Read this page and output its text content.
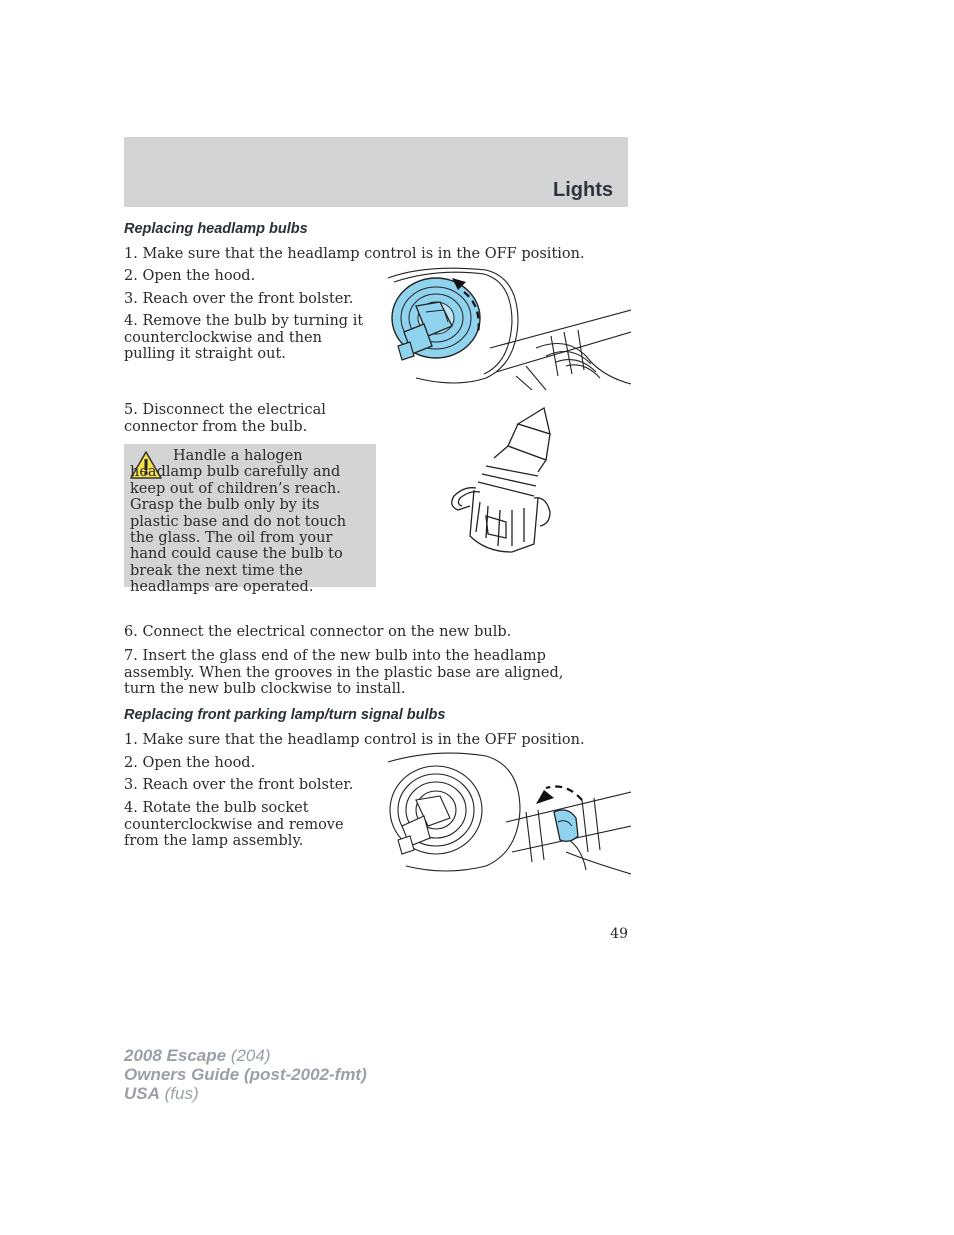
Lights
Replacing headlamp bulbs

1. Make sure that the headlamp control is in the OFF position.

2. Open the hood.

3. Reach over the front bolster.

4. Remove the bulb by turning it counterclockwise and then pulling it straight out.

5. Disconnect the electrical connector from the bulb.

Handle a halogen headlamp bulb carefully and keep out of children’s reach. Grasp the bulb only by its plastic base and do not touch the glass. The oil from your hand could cause the bulb to break the next time the headlamps are operated.

6. Connect the electrical connector on the new bulb.

7. Insert the glass end of the new bulb into the headlamp assembly. When the grooves in the plastic base are aligned, turn the new bulb clockwise to install.

Replacing front parking lamp/turn signal bulbs

1. Make sure that the headlamp control is in the OFF position.

2. Open the hood.

3. Reach over the front bolster.

4. Rotate the bulb socket counterclockwise and remove from the lamp assembly.

49
2008 Escape (204)
Owners Guide (post-2002-fmt)
USA (fus)
